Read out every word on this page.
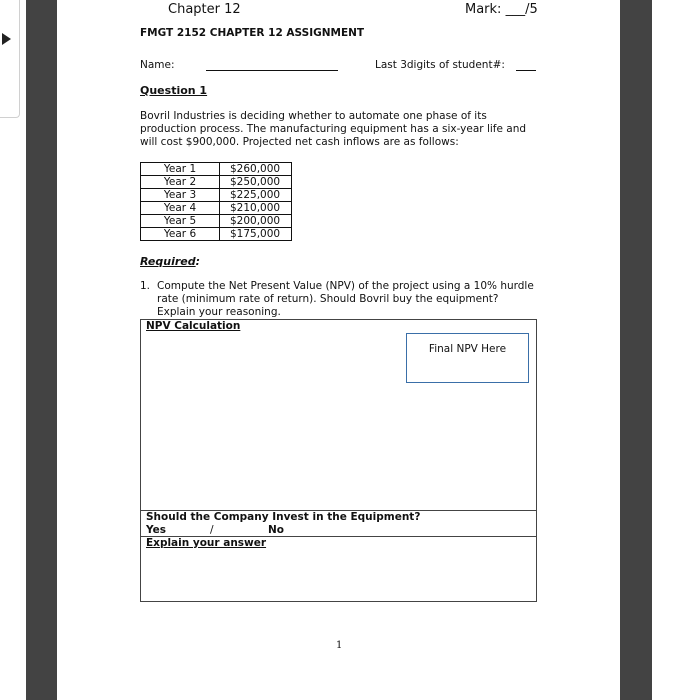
Chapter 12	Mark: ___/5
FMGT 2152 CHAPTER 12 ASSIGNMENT
Name:	Last 3digits of student#:
Question 1
Bovril Industries is deciding whether to automate one phase of its production process. The manufacturing equipment has a six-year life and will cost $900,000. Projected net cash inflows are as follows:
Year 1	$260,000
Year 2	$250,000
Year 3	$225,000
Year 4	$210,000
Year 5	$200,000
Year 6	$175,000
Required:
1. Compute the Net Present Value (NPV) of the project using a 10% hurdle rate (minimum rate of return). Should Bovril buy the equipment? Explain your reasoning.
NPV Calculation
Final NPV Here
Should the Company Invest in the Equipment?
Yes	/	No
Explain your answer
1
